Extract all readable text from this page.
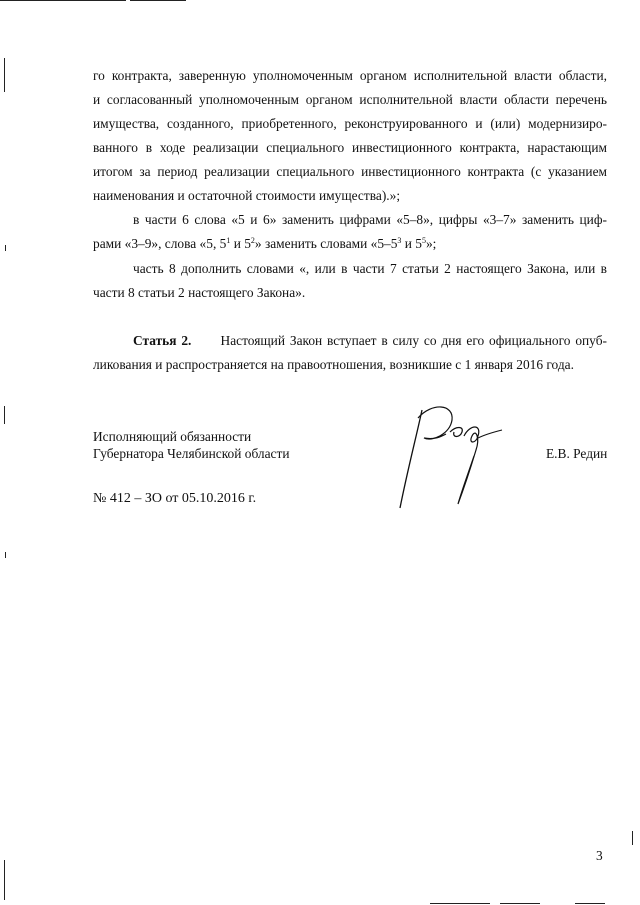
го контракта, заверенную уполномоченным органом исполнительной власти области,
и согласованный уполномоченным органом исполнительной власти области перечень
имущества, созданного, приобретенного, реконструированного и (или) модернизиро-
ванного в ходе реализации специального инвестиционного контракта, нарастающим
итогом за период реализации специального инвестиционного контракта (с указанием
наименования и остаточной стоимости имущества).»;
в части 6 слова «5 и 6» заменить цифрами «5–8», цифры «3–7» заменить циф-
рами «3–9», слова «5, $5^1$ и $5^2$» заменить словами «$5-5^3$ и $5^5$»;
часть 8 дополнить словами «, или в части 7 статьи 2 настоящего Закона, или в
части 8 статьи 2 настоящего Закона».
Статья 2. Настоящий Закон вступает в силу со дня его официального опуб-
ликования и распространяется на правоотношения, возникшие с 1 января 2016 года.
Исполняющий обязанности
Губернатора Челябинской области	Е.В. Редин
№ 412 – ЗО от 05.10.2016 г.
3
